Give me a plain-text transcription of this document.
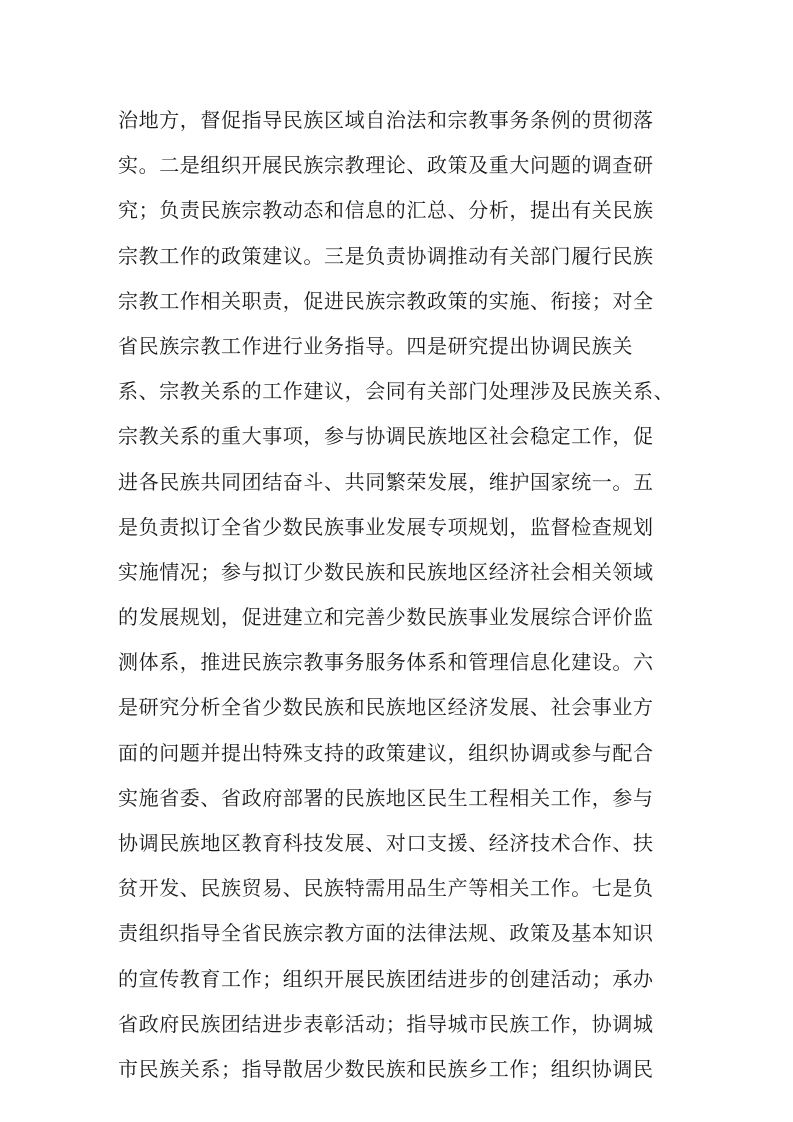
治地方，督促指导民族区域自治法和宗教事务条例的贯彻落
实。二是组织开展民族宗教理论、政策及重大问题的调查研
究；负责民族宗教动态和信息的汇总、分析，提出有关民族
宗教工作的政策建议。三是负责协调推动有关部门履行民族
宗教工作相关职责，促进民族宗教政策的实施、衔接；对全
省民族宗教工作进行业务指导。四是研究提出协调民族关
系、宗教关系的工作建议，会同有关部门处理涉及民族关系、
宗教关系的重大事项，参与协调民族地区社会稳定工作，促
进各民族共同团结奋斗、共同繁荣发展，维护国家统一。五
是负责拟订全省少数民族事业发展专项规划，监督检查规划
实施情况；参与拟订少数民族和民族地区经济社会相关领域
的发展规划，促进建立和完善少数民族事业发展综合评价监
测体系，推进民族宗教事务服务体系和管理信息化建设。六
是研究分析全省少数民族和民族地区经济发展、社会事业方
面的问题并提出特殊支持的政策建议，组织协调或参与配合
实施省委、省政府部署的民族地区民生工程相关工作，参与
协调民族地区教育科技发展、对口支援、经济技术合作、扶
贫开发、民族贸易、民族特需用品生产等相关工作。七是负
责组织指导全省民族宗教方面的法律法规、政策及基本知识
的宣传教育工作；组织开展民族团结进步的创建活动；承办
省政府民族团结进步表彰活动；指导城市民族工作，协调城
市民族关系；指导散居少数民族和民族乡工作；组织协调民
